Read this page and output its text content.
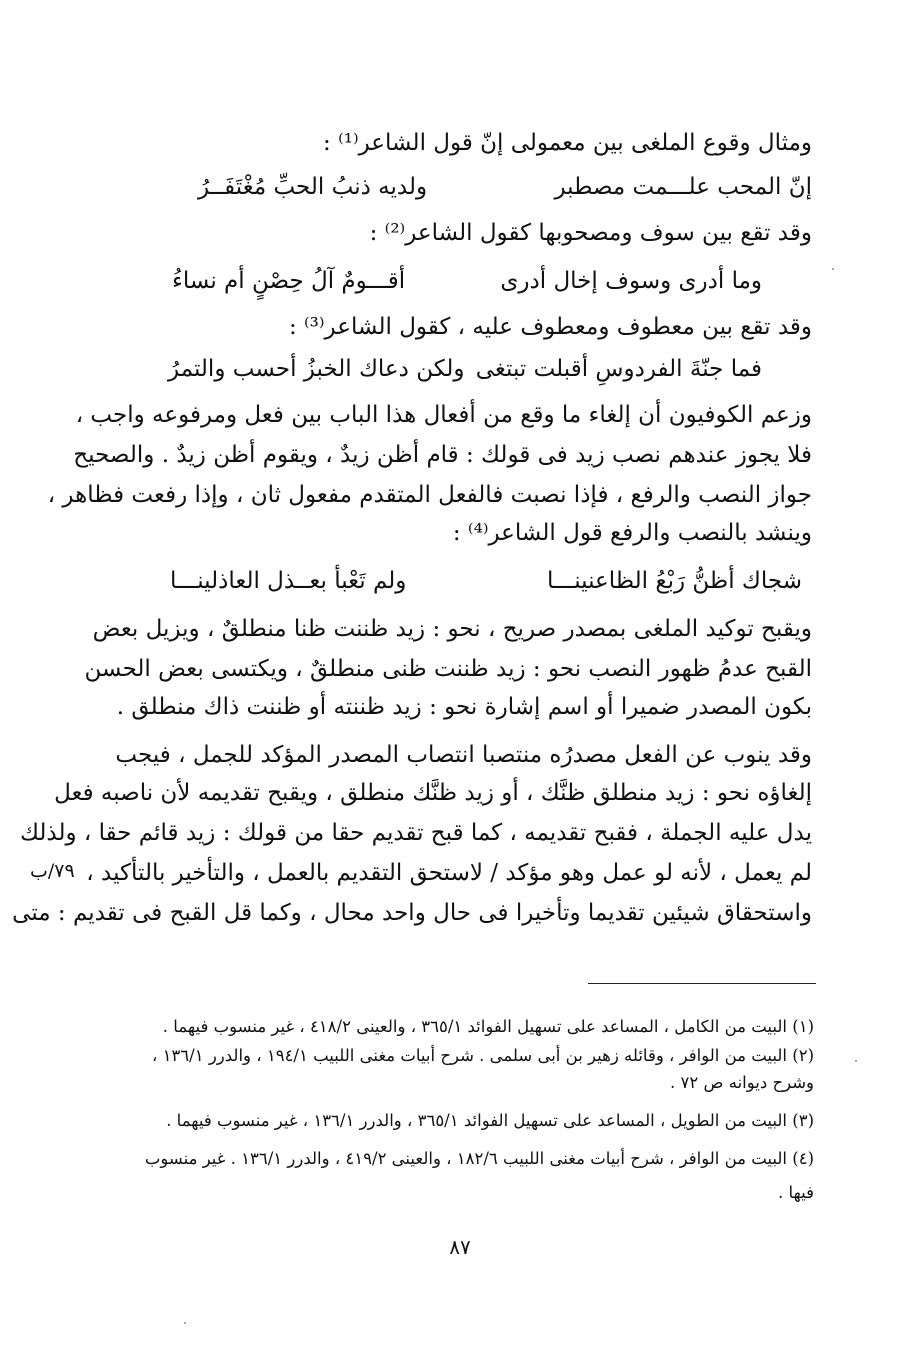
ومثال وقوع الملغى بين معمولى إنّ قول الشاعر⁽¹⁾ :
إنّ المحب علـــمت مصطبر
ولديه ذنبُ الحبِّ مُغْتَفَــرُ
وقد تقع بين سوف ومصحوبها كقول الشاعر⁽²⁾ :
وما أدرى وسوف إخال أدرى
أقـــومٌ آلُ حِصْنٍ أم نساءُ
وقد تقع بين معطوف ومعطوف عليه ، كقول الشاعر⁽³⁾ :
فما جنّةَ الفردوسِ أقبلت تبتغى
ولكن دعاك الخبزُ أحسب والتمرُ
وزعم الكوفيون أن إلغاء ما وقع من أفعال هذا الباب بين فعل ومرفوعه واجب ،
فلا يجوز عندهم نصب زيد فى قولك : قام أظن زيدٌ ، ويقوم أظن زيدٌ . والصحيح
جواز النصب والرفع ، فإذا نصبت فالفعل المتقدم مفعول ثان ، وإذا رفعت فظاهر ،
وينشد بالنصب والرفع قول الشاعر⁽⁴⁾ :
شجاك أظنُّ رَبْعُ الظاعنينـــا
ولم تَعْبأ بعــذل العاذلينـــا
ويقبح توكيد الملغى بمصدر صريح ، نحو : زيد ظننت ظنا منطلقٌ ، ويزيل بعض
القبح عدمُ ظهور النصب نحو : زيد ظننت ظنى منطلقٌ ، ويكتسى بعض الحسن
بكون المصدر ضميرا أو اسم إشارة نحو : زيد ظننته أو ظننت ذاك منطلق .
وقد ينوب عن الفعل مصدرُه منتصبا انتصاب المصدر المؤكد للجمل ، فيجب
إلغاؤه نحو : زيد منطلق ظنَّك ، أو زيد ظنَّك منطلق ، ويقبح تقديمه لأن ناصبه فعل
يدل عليه الجملة ، فقبح تقديمه ، كما قبح تقديم حقا من قولك : زيد قائم حقا ، ولذلك
لم يعمل ، لأنه لو عمل وهو مؤكد / لاستحق التقديم بالعمل ، والتأخير بالتأكيد ،
واستحقاق شيئين تقديما وتأخيرا فى حال واحد محال ، وكما قل القبح فى تقديم : متى
٧٩/ب
(١) البيت من الكامل ، المساعد على تسهيل الفوائد ٣٦٥/١ ، والعينى ٤١٨/٢ ، غير منسوب فيهما .
(٢) البيت من الوافر ، وقائله زهير بن أبى سلمى . شرح أبيات مغنى اللبيب ١٩٤/١ ، والدرر ١٣٦/١ ،
وشرح ديوانه ص ٧٢ .
(٣) البيت من الطويل ، المساعد على تسهيل الفوائد ٣٦٥/١ ، والدرر ١٣٦/١ ، غير منسوب فيهما .
(٤) البيت من الوافر ، شرح أبيات مغنى اللبيب ١٨٢/٦ ، والعينى ٤١٩/٢ ، والدرر ١٣٦/١ . غير منسوب
فيها .
٨٧
